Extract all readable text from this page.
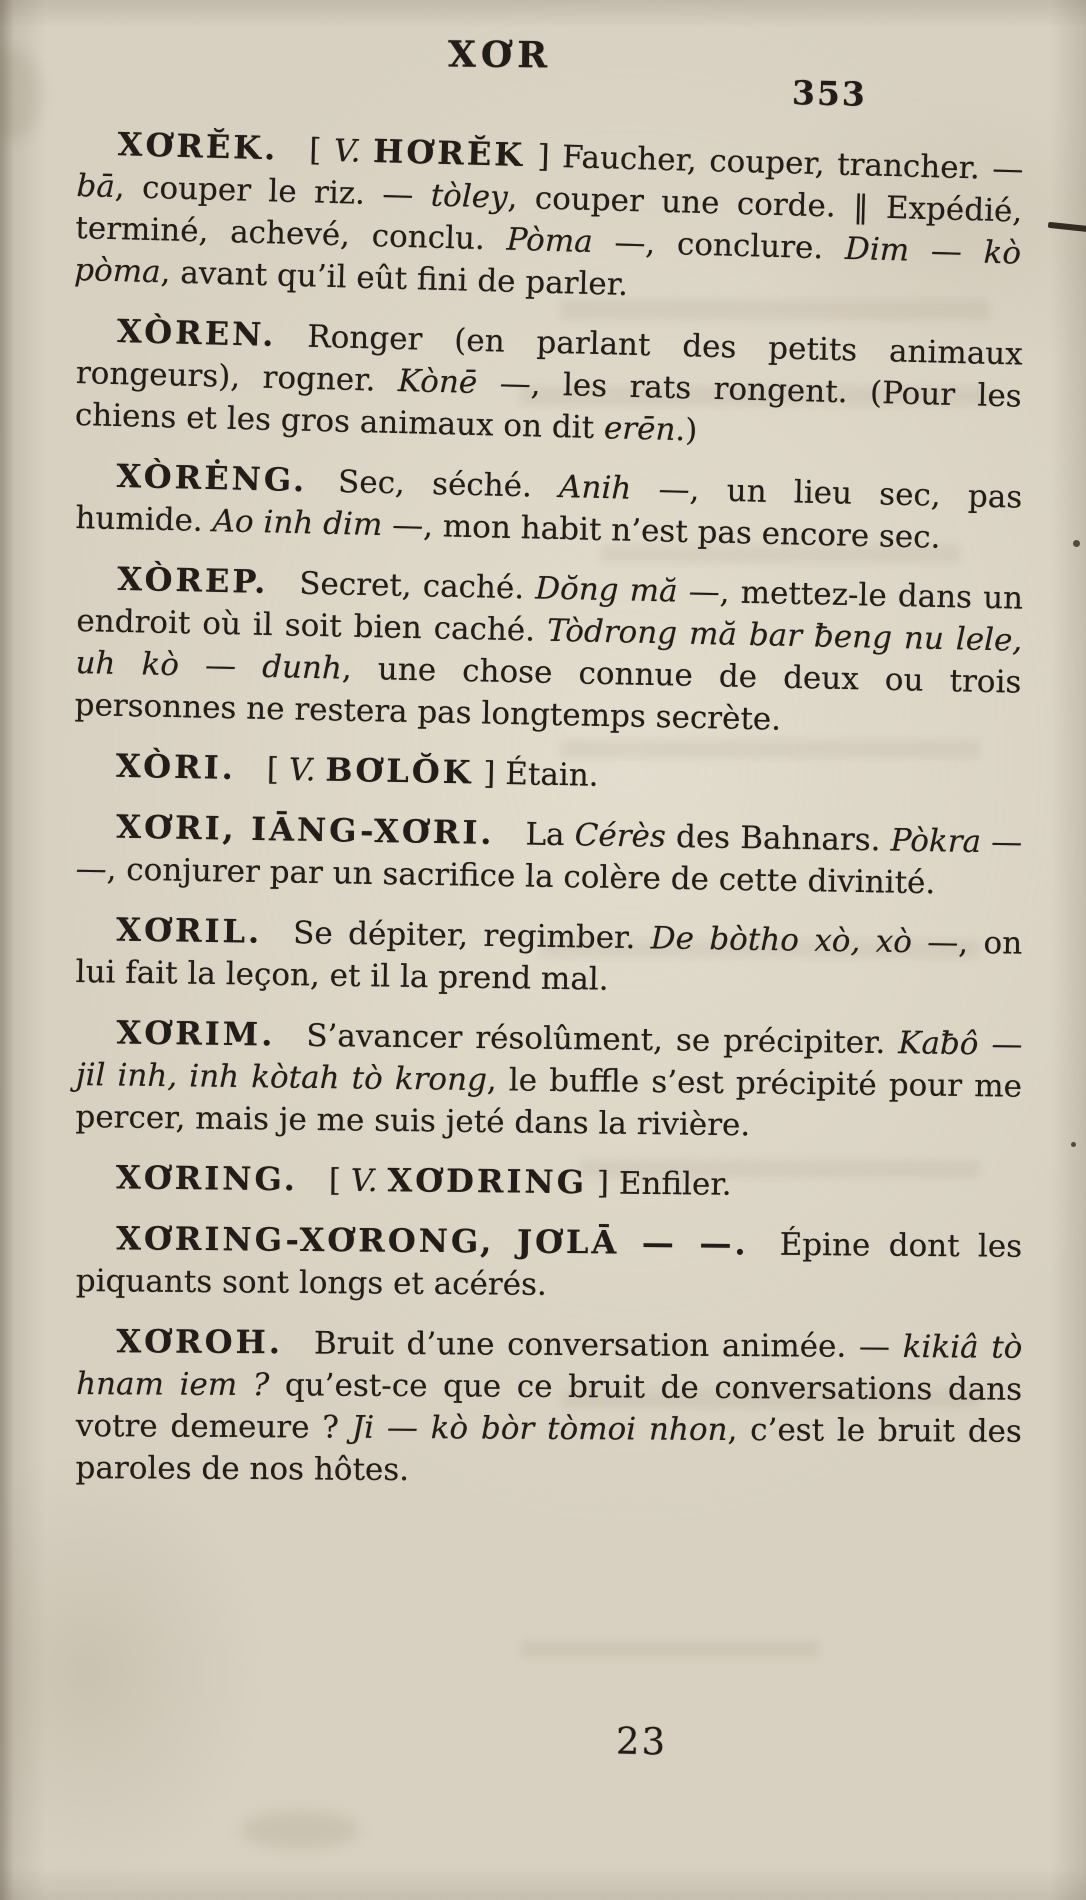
XƠR
353

XƠRĔK.   [ V. HƠRĔK ] Faucher, couper, trancher. — bā, couper le riz. — tòley, couper une corde. ‖ Expédié, terminé, achevé, conclu. Pòma —, conclure. Dim — kò pòma, avant qu’il eût fini de parler.

XÒREN.   Ronger (en parlant des petits animaux rongeurs), rogner. Kònē —, les rats rongent. (Pour les chiens et les gros animaux on dit erēn.)

XÒRĖNG.   Sec, séché. Anih —, un lieu sec, pas humide. Ao inh dim —, mon habit n’est pas encore sec.

XÒREP.   Secret, caché. Dŏng mă —, mettez-le dans un endroit où il soit bien caché. Tòdrong mă bar ƀeng nu lele, uh kò — dunh, une chose connue de deux ou trois personnes ne restera pas longtemps secrète.

XÒRI.   [ V. BƠLŎK ] Étain.

XƠRI, IĀNG-XƠRI.   La Cérès des Bahnars. Pòkra — —, conjurer par un sacrifice la colère de cette divinité.

XƠRIL.   Se dépiter, regimber. De bòtho xò, xò —, on lui fait la leçon, et il la prend mal.

XƠRIM.   S’avancer résolûment, se précipiter. Kaƀô — jil inh, inh kòtah tò krong, le buffle s’est précipité pour me percer, mais je me suis jeté dans la rivière.

XƠRING.   [ V. XƠDRING ] Enfiler.

XƠRING-XƠRONG, JƠLĀ — —.   Épine dont les piquants sont longs et acérés.

XƠROH.   Bruit d’une conversation animée. — kikiâ tò hnam iem ? qu’est-ce que ce bruit de conversations dans votre demeure ? Ji — kò bòr tòmoi nhon, c’est le bruit des paroles de nos hôtes.

23
